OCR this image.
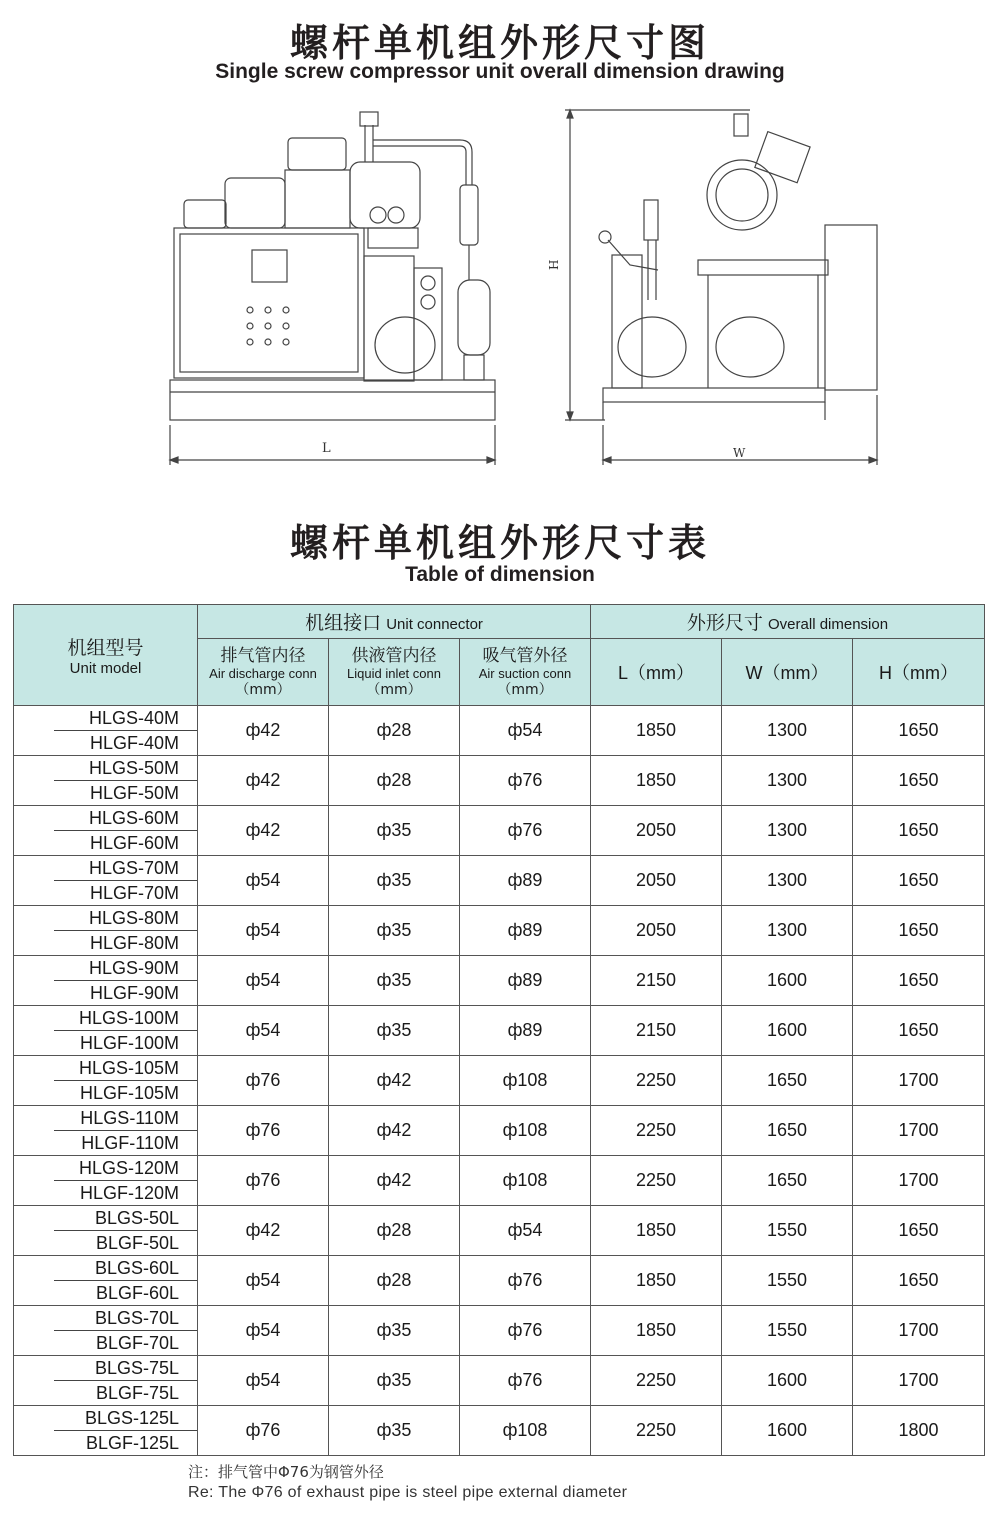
螺杆单机组外形尺寸图
Single screw compressor unit overall dimension drawing
L	W
H
螺杆单机组外形尺寸表
Table of dimension
机组型号
Unit model	机组接口 Unit connector			外形尺寸 Overall dimension		

	排气管内径
Air discharge conn
（mm）	供液管内径
Liquid inlet conn
（mm）	吸气管外径
Air suction conn
（mm）	L（mm）	W（mm）	H（mm）

HLGS-40M
HLGF-40M	ф42	ф28	ф54	1850	1300	1650

HLGS-50M
HLGF-50M	ф42	ф28	ф76	1850	1300	1650

HLGS-60M
HLGF-60M	ф42	ф35	ф76	2050	1300	1650

HLGS-70M
HLGF-70M	ф54	ф35	ф89	2050	1300	1650

HLGS-80M
HLGF-80M	ф54	ф35	ф89	2050	1300	1650

HLGS-90M
HLGF-90M	ф54	ф35	ф89	2150	1600	1650

HLGS-100M
HLGF-100M	ф54	ф35	ф89	2150	1600	1650

HLGS-105M
HLGF-105M	ф76	ф42	ф108	2250	1650	1700

HLGS-110M
HLGF-110M	ф76	ф42	ф108	2250	1650	1700

HLGS-120M
HLGF-120M	ф76	ф42	ф108	2250	1650	1700

BLGS-50L
BLGF-50L	ф42	ф28	ф54	1850	1550	1650

BLGS-60L
BLGF-60L	ф54	ф28	ф76	1850	1550	1650

BLGS-70L
BLGF-70L	ф54	ф35	ф76	1850	1550	1700

BLGS-75L
BLGF-75L	ф54	ф35	ф76	2250	1600	1700

BLGS-125L
BLGF-125L	ф76	ф35	ф108	2250	1600	1800
注：排气管中Φ76为钢管外径
Re: The Φ76 of exhaust pipe is steel pipe external diameter
